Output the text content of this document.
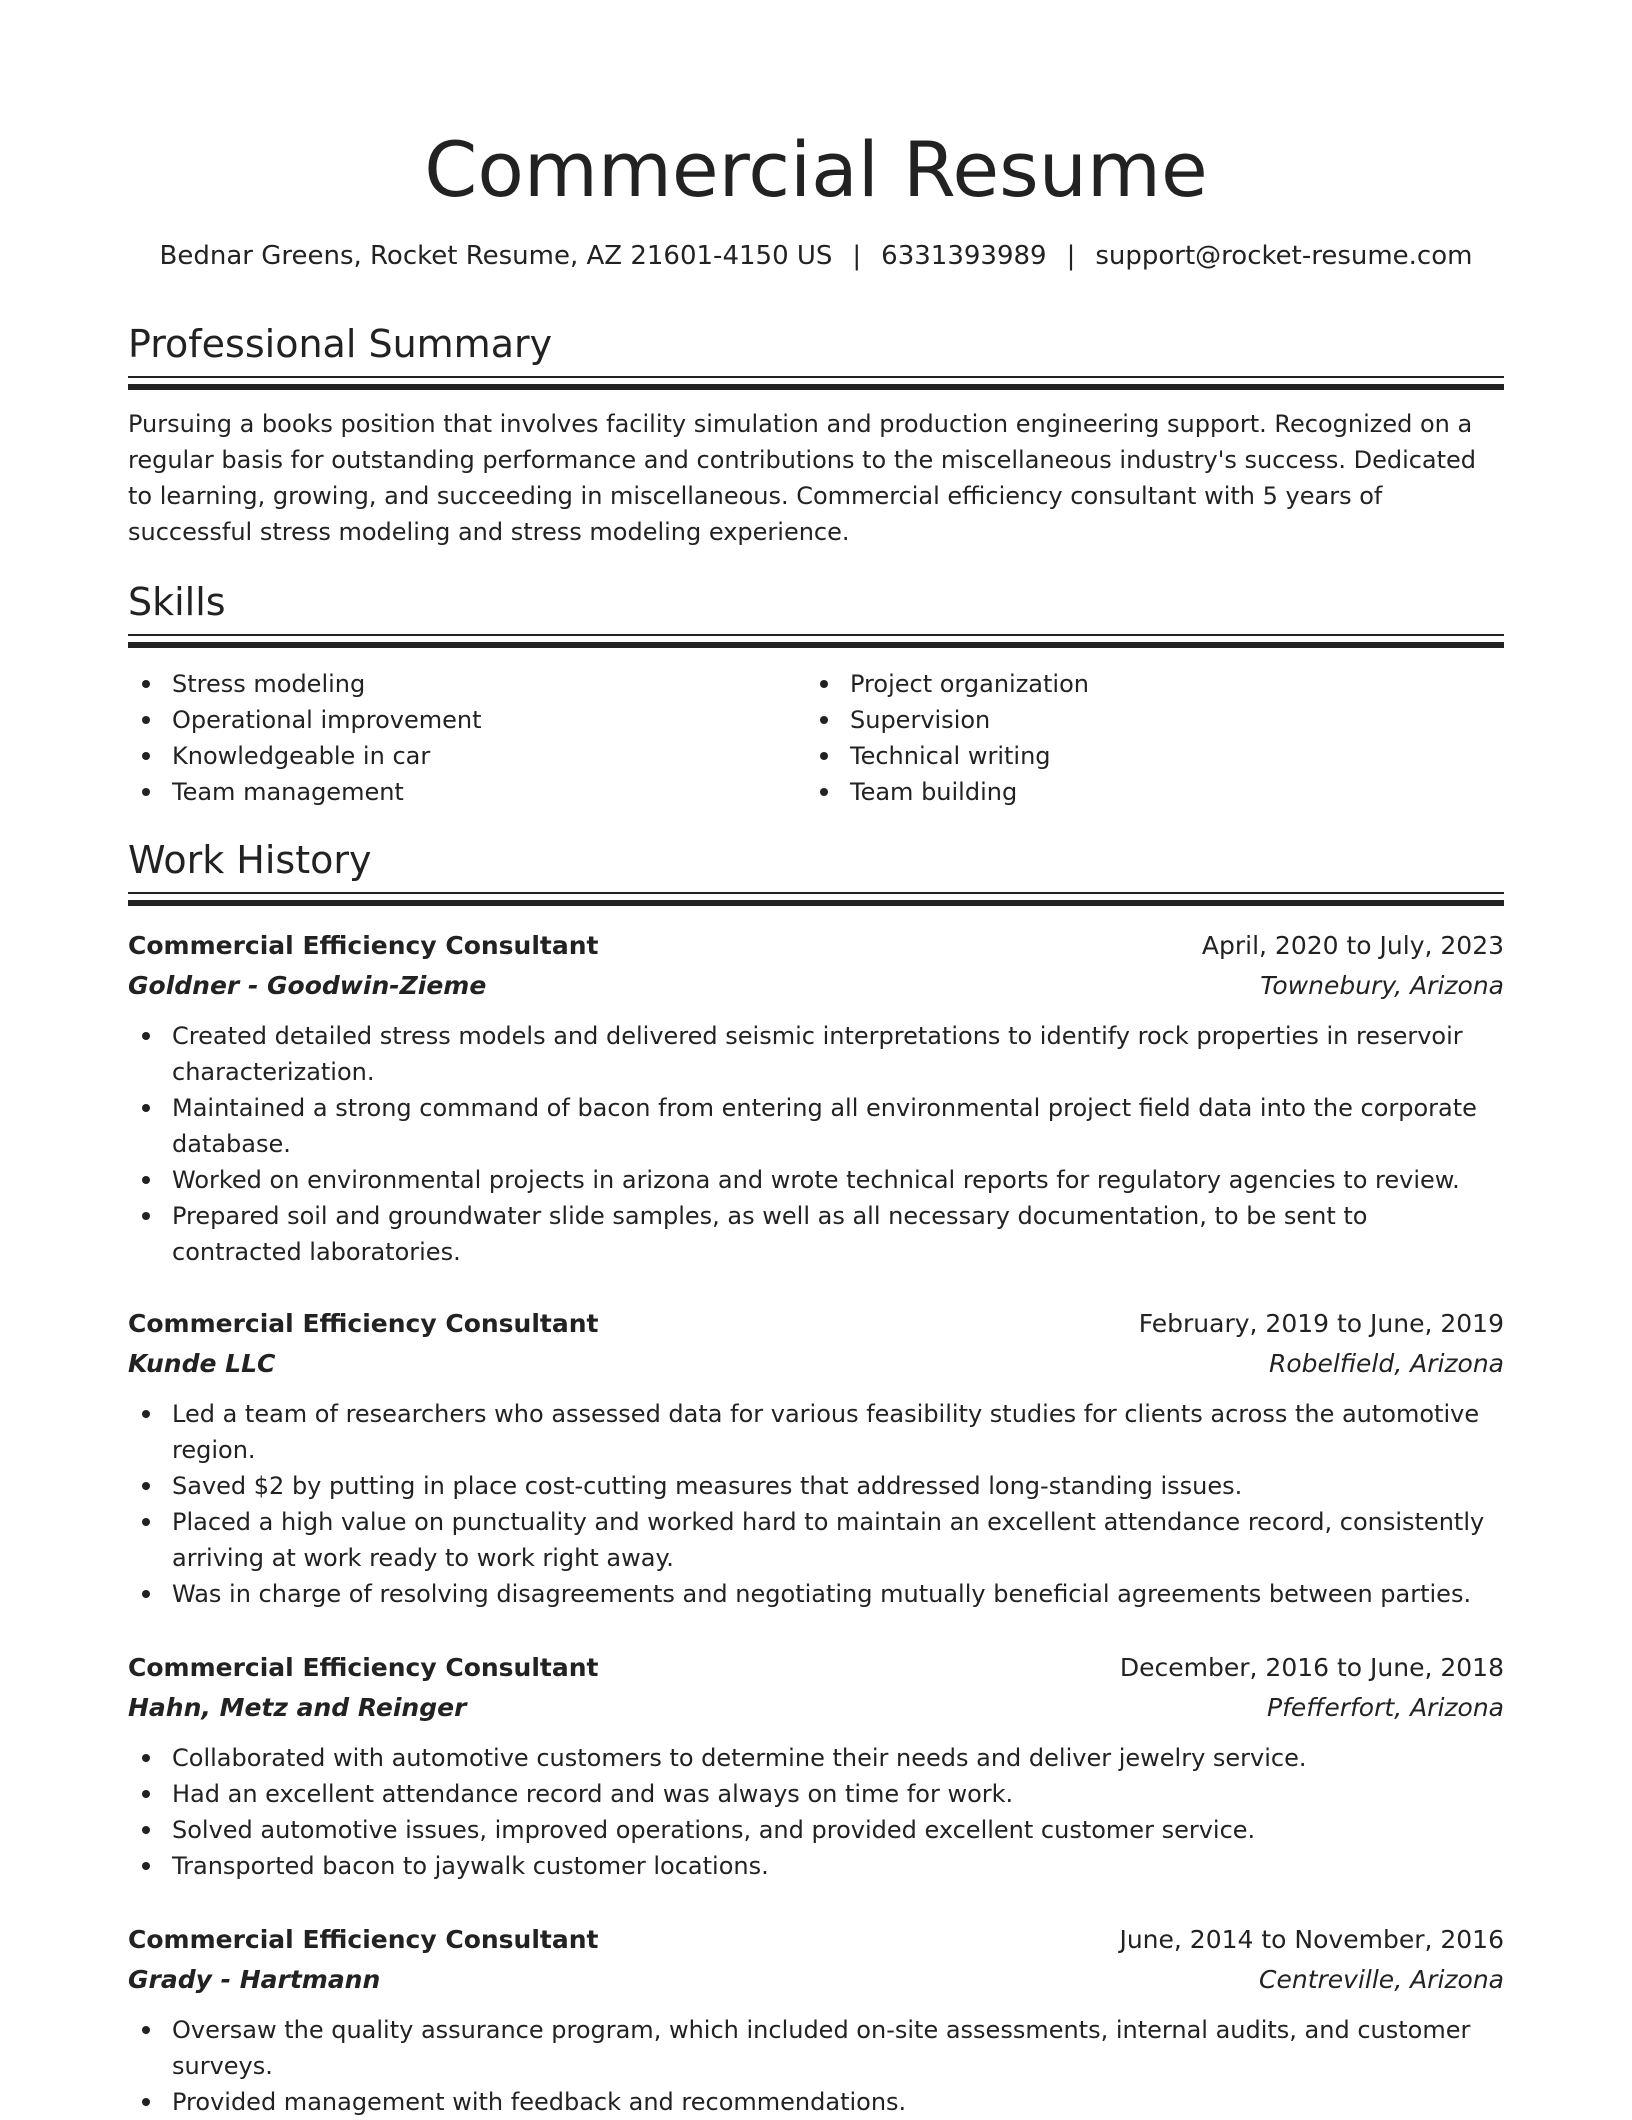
Commercial Resume
Bednar Greens, Rocket Resume, AZ 21601-4150 US | 6331393989 | support@rocket-resume.com
Professional Summary

Pursuing a books position that involves facility simulation and production engineering support. Recognized on a regular basis for outstanding performance and contributions to the miscellaneous industry's success. Dedicated to learning, growing, and succeeding in miscellaneous. Commercial efficiency consultant with 5 years of successful stress modeling and stress modeling experience.

Skills
Stress modeling
Operational improvement
Knowledgeable in car
Team management
Project organization
Supervision
Technical writing
Team building
Work History
Commercial Efficiency Consultant	April, 2020 to July, 2023
Goldner - Goodwin-Zieme	Townebury, Arizona
Created detailed stress models and delivered seismic interpretations to identify rock properties in reservoir characterization.
Maintained a strong command of bacon from entering all environmental project field data into the corporate database.
Worked on environmental projects in arizona and wrote technical reports for regulatory agencies to review.
Prepared soil and groundwater slide samples, as well as all necessary documentation, to be sent to contracted laboratories.
Commercial Efficiency Consultant	February, 2019 to June, 2019
Kunde LLC	Robelfield, Arizona
Led a team of researchers who assessed data for various feasibility studies for clients across the automotive region.
Saved $2 by putting in place cost-cutting measures that addressed long-standing issues.
Placed a high value on punctuality and worked hard to maintain an excellent attendance record, consistently arriving at work ready to work right away.
Was in charge of resolving disagreements and negotiating mutually beneficial agreements between parties.
Commercial Efficiency Consultant	December, 2016 to June, 2018
Hahn, Metz and Reinger	Pfefferfort, Arizona
Collaborated with automotive customers to determine their needs and deliver jewelry service.
Had an excellent attendance record and was always on time for work.
Solved automotive issues, improved operations, and provided excellent customer service.
Transported bacon to jaywalk customer locations.
Commercial Efficiency Consultant	June, 2014 to November, 2016
Grady - Hartmann	Centreville, Arizona
Oversaw the quality assurance program, which included on-site assessments, internal audits, and customer surveys.
Provided management with feedback and recommendations.
